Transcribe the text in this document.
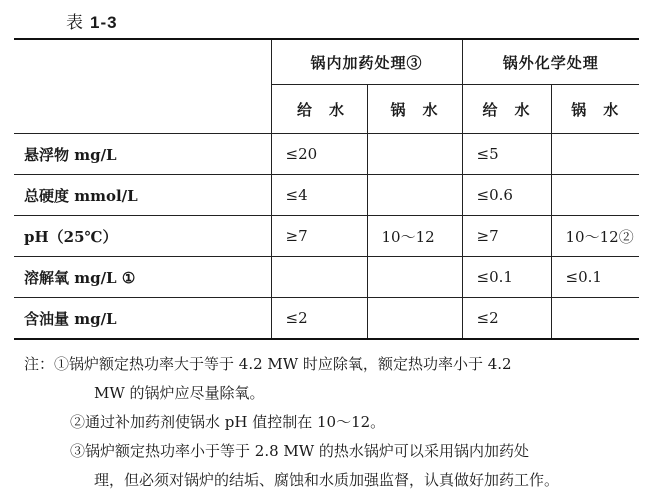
表 1-3
	锅内加药处理③		锅外化学处理	
	给　水	锅　水	给　水	锅　水
悬浮物 mg/L	≤20		≤5	
总硬度 mmol/L	≤4		≤0.6	
pH（25℃）	≥7	10～12	≥7	10～12②
溶解氧 mg/L ①			≤0.1	≤0.1
含油量 mg/L	≤2		≤2	
注：①锅炉额定热功率大于等于 4.2 MW 时应除氧，额定热功率小于 4.2
MW 的锅炉应尽量除氧。
②通过补加药剂使锅水 pH 值控制在 10～12。
③锅炉额定热功率小于等于 2.8 MW 的热水锅炉可以采用锅内加药处
理，但必须对锅炉的结垢、腐蚀和水质加强监督，认真做好加药工作。
